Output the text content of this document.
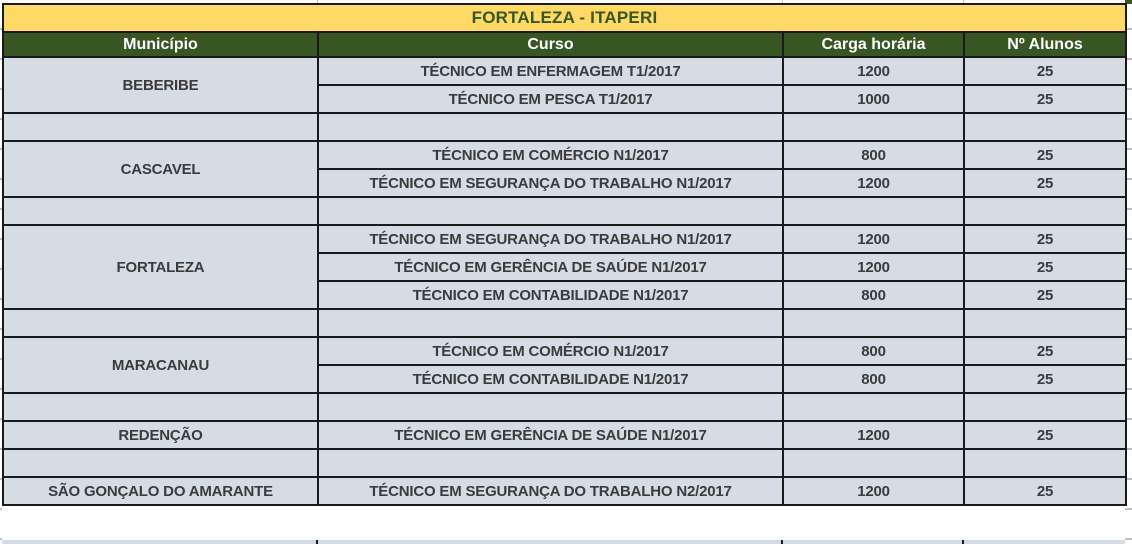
FORTALEZA - ITAPERI			
Município	Curso	Carga horária	Nº Alunos
BEBERIBE	TÉCNICO EM ENFERMAGEM T1/2017	1200	25
	TÉCNICO EM PESCA T1/2017	1000	25

CASCAVEL	TÉCNICO EM COMÉRCIO N1/2017	800	25
	TÉCNICO EM SEGURANÇA DO TRABALHO N1/2017	1200	25

FORTALEZA	TÉCNICO EM SEGURANÇA DO TRABALHO N1/2017	1200	25
	TÉCNICO EM GERÊNCIA DE SAÚDE N1/2017	1200	25
	TÉCNICO EM CONTABILIDADE N1/2017	800	25

MARACANAU	TÉCNICO EM COMÉRCIO N1/2017	800	25
	TÉCNICO EM CONTABILIDADE N1/2017	800	25

REDENÇÃO	TÉCNICO EM GERÊNCIA DE SAÚDE N1/2017	1200	25

SÃO GONÇALO DO AMARANTE	TÉCNICO EM SEGURANÇA DO TRABALHO N2/2017	1200	25
